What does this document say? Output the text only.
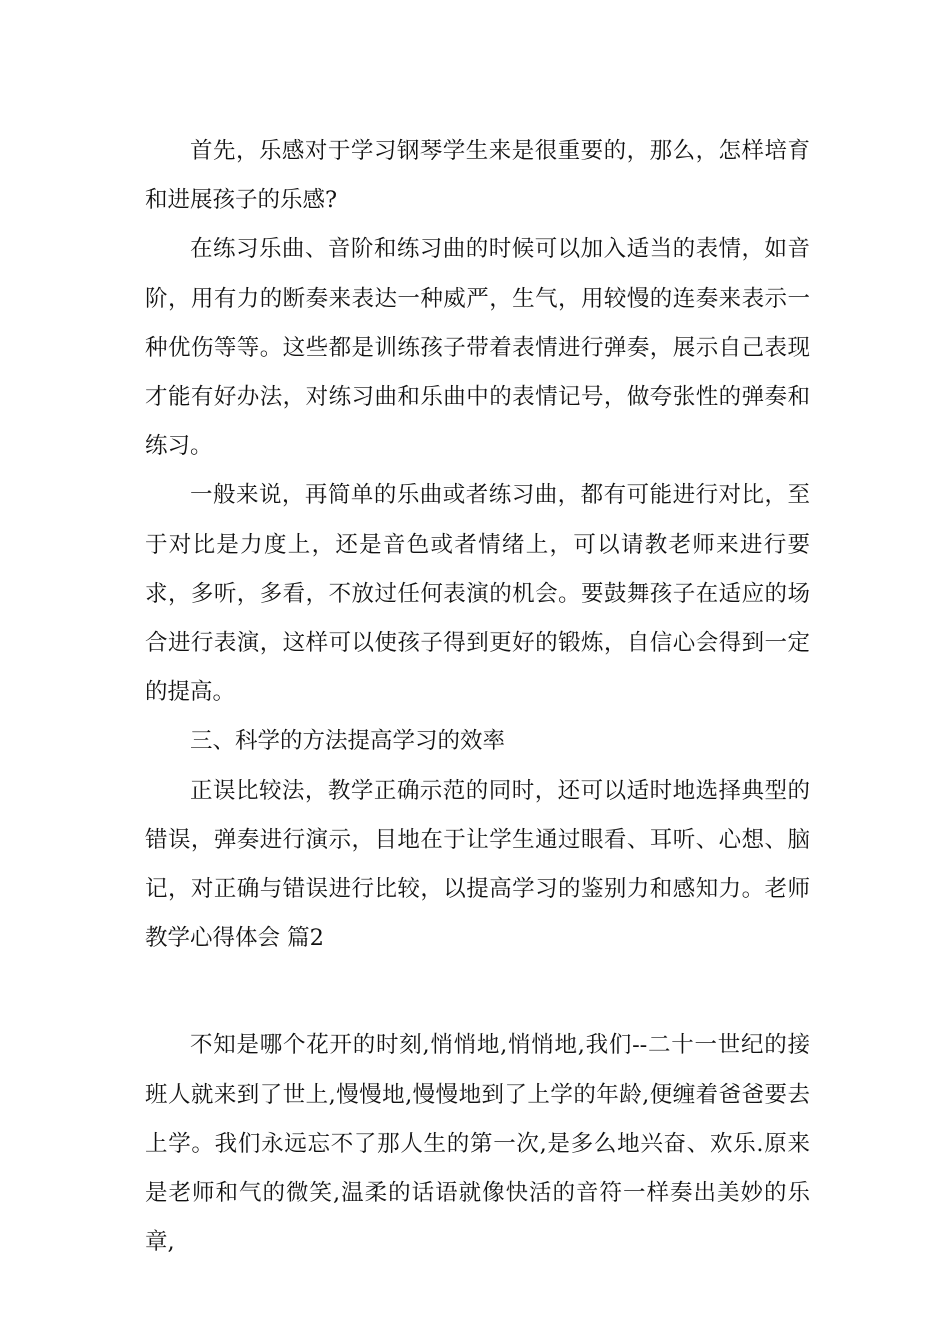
首先，乐感对于学习钢琴学生来是很重要的，那么，怎样培育和进展孩子的乐感?

在练习乐曲、音阶和练习曲的时候可以加入适当的表情，如音阶，用有力的断奏来表达一种威严，生气，用较慢的连奏来表示一种优伤等等。这些都是训练孩子带着表情进行弹奏，展示自己表现才能有好办法，对练习曲和乐曲中的表情记号，做夸张性的弹奏和练习。

一般来说，再简单的乐曲或者练习曲，都有可能进行对比，至于对比是力度上，还是音色或者情绪上，可以请教老师来进行要求，多听，多看，不放过任何表演的机会。要鼓舞孩子在适应的场合进行表演，这样可以使孩子得到更好的锻炼，自信心会得到一定的提高。

三、科学的方法提高学习的效率

正误比较法，教学正确示范的同时，还可以适时地选择典型的错误，弹奏进行演示，目地在于让学生通过眼看、耳听、心想、脑记，对正确与错误进行比较，以提高学习的鉴别力和感知力。老师教学心得体会 篇2

不知是哪个花开的时刻,悄悄地,悄悄地,我们--二十一世纪的接班人就来到了世上,慢慢地,慢慢地到了上学的年龄,便缠着爸爸要去上学。我们永远忘不了那人生的第一次,是多么地兴奋、欢乐.原来是老师和气的微笑,温柔的话语就像快活的音符一样奏出美妙的乐章,
